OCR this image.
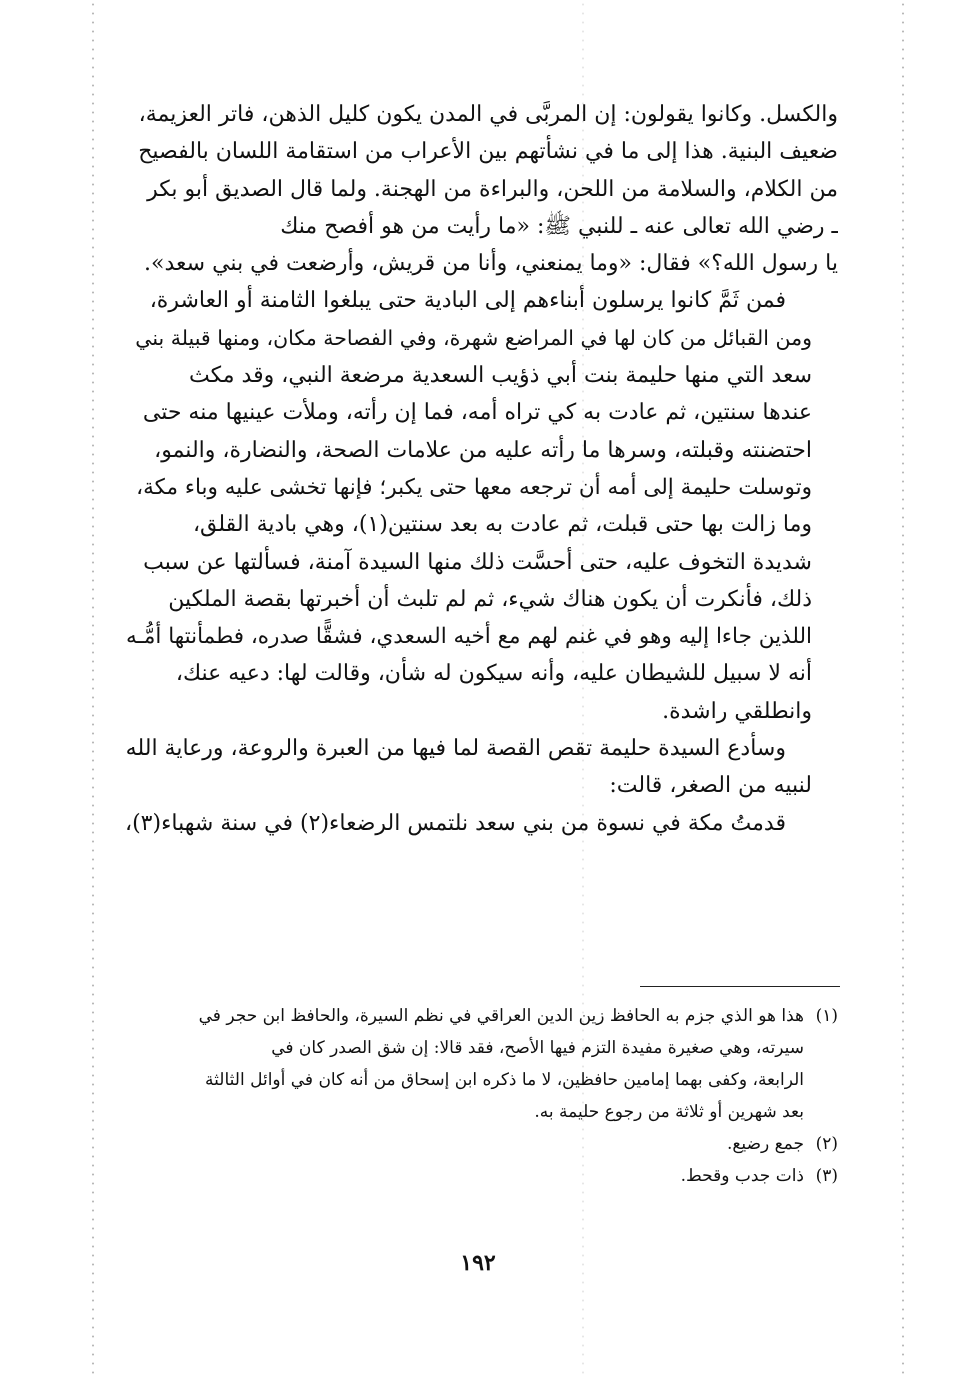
والكسل. وكانوا يقولون: إن المربَّى في المدن يكون كليل الذهن، فاتر العزيمة،
ضعيف البنية. هذا إلى ما في نشأتهم بين الأعراب من استقامة اللسان بالفصيح
من الكلام، والسلامة من اللحن، والبراءة من الهجنة. ولما قال الصديق أبو بكر
ـ رضي الله تعالى عنه ـ للنبي ﷺ: «ما رأيت من هو أفصح منك
يا رسول الله؟» فقال: «وما يمنعني، وأنا من قريش، وأرضعت في بني سعد».

فمن ثَمَّ كانوا يرسلون أبناءهم إلى البادية حتى يبلغوا الثامنة أو العاشرة،
ومن القبائل من كان لها في المراضع شهرة، وفي الفصاحة مكان، ومنها قبيلة بني
سعد التي منها حليمة بنت أبي ذؤيب السعدية مرضعة النبي، وقد مكث
عندها سنتين، ثم عادت به كي تراه أمه، فما إن رأته، وملأت عينيها منه حتى
احتضنته وقبلته، وسرها ما رأته عليه من علامات الصحة، والنضارة، والنمو،
وتوسلت حليمة إلى أمه أن ترجعه معها حتى يكبر؛ فإنها تخشى عليه وباء مكة،
وما زالت بها حتى قبلت، ثم عادت به بعد سنتين(١)، وهي بادية القلق،
شديدة التخوف عليه، حتى أحسَّت ذلك منها السيدة آمنة، فسألتها عن سبب
ذلك، فأنكرت أن يكون هناك شيء، ثم لم تلبث أن أخبرتها بقصة الملكين
اللذين جاءا إليه وهو في غنم لهم مع أخيه السعدي، فشقًّا صدره، فطمأنتها أمُّـه
أنه لا سبيل للشيطان عليه، وأنه سيكون له شأن، وقالت لها: دعيه عنك،
وانطلقي راشدة.

وسأدع السيدة حليمة تقص القصة لما فيها من العبرة والروعة، ورعاية الله
لنبيه من الصغر، قالت:

قدمتُ مكة في نسوة من بني سعد نلتمس الرضعاء(٢) في سنة شهباء(٣)،

(١)
هذا هو الذي جزم به الحافظ زين الدين العراقي في نظم السيرة، والحافظ ابن حجر في
سيرته، وهي صغيرة مفيدة التزم فيها الأصح، فقد قالا: إن شق الصدر كان في
الرابعة، وكفى بهما إمامين حافظين، لا ما ذكره ابن إسحاق من أنه كان في أوائل الثالثة
بعد شهرين أو ثلاثة من رجوع حليمة به.
(٢)
جمع رضيع.
(٣)
ذات جدب وقحط.
١٩٢
